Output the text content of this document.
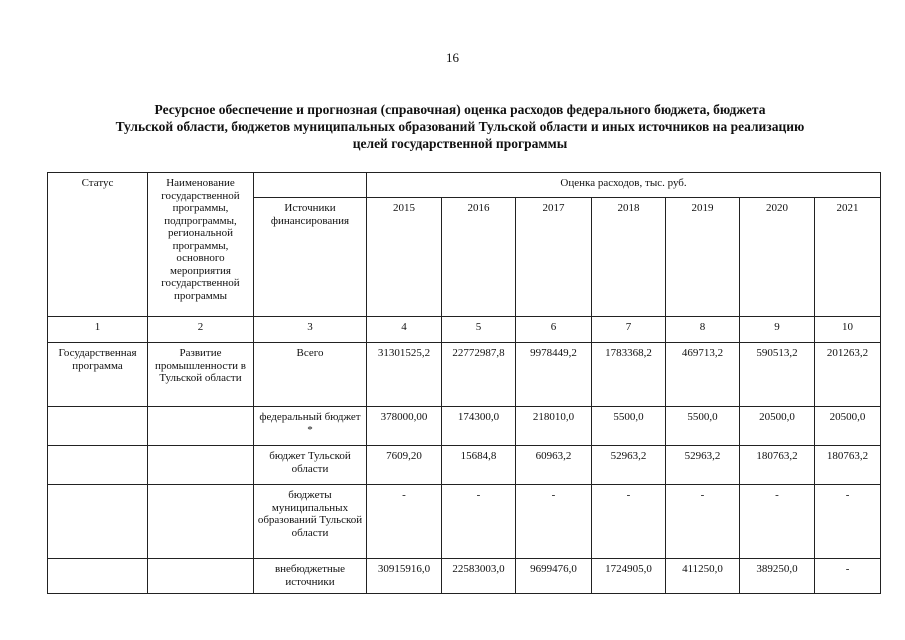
16
Ресурсное обеспечение и прогнозная (справочная) оценка расходов федерального бюджета, бюджета
Тульской области, бюджетов муниципальных образований Тульской области и иных источников на реализацию
целей государственной программы
Статус	Наименование государственной программы, подпрограммы, региональной программы, основного мероприятия государственной программы		Оценка расходов, тыс. руб.						
		Источники финансирования	2015	2016	2017	2018	2019	2020	2021
1	2	3	4	5	6	7	8	9	10
Государственная программа	Развитие промышленности в Тульской области	Всего	31301525,2	22772987,8	9978449,2	1783368,2	469713,2	590513,2	201263,2
		федеральный бюджет *	378000,00	174300,0	218010,0	5500,0	5500,0	20500,0	20500,0
		бюджет Тульской области	7609,20	15684,8	60963,2	52963,2	52963,2	180763,2	180763,2
		бюджеты муниципальных образований Тульской области	-	-	-	-	-	-	-
		внебюджетные источники	30915916,0	22583003,0	9699476,0	1724905,0	411250,0	389250,0	-
